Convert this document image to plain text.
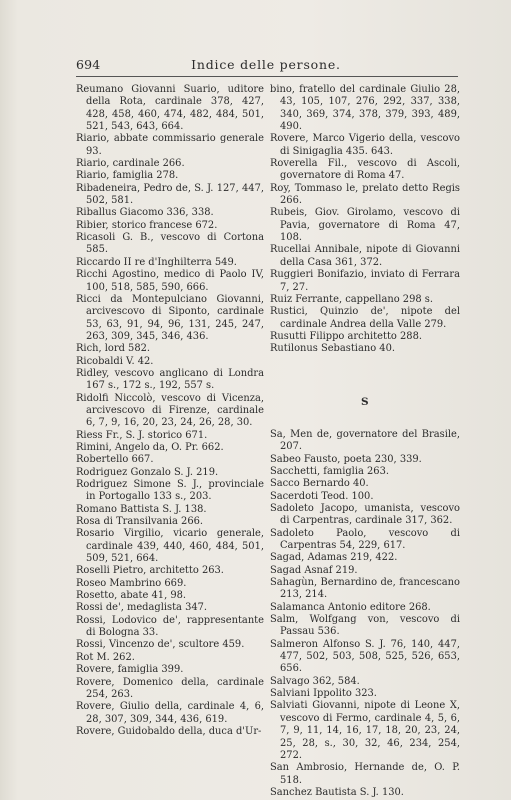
694	Indice delle persone.
Reumano Giovanni Suario, uditore della Rota, cardinale 378, 427, 428, 458, 460, 474, 482, 484, 501, 521, 543, 643, 664.
Riario, abbate commissario generale 93.
Riario, cardinale 266.
Riario, famiglia 278.
Ribadeneira, Pedro de, S. J. 127, 447, 502, 581.
Riballus Giacomo 336, 338.
Ribier, storico francese 672.
Ricasoli G. B., vescovo di Cortona 585.
Riccardo II re d'Inghilterra 549.
Ricchi Agostino, medico di Paolo IV, 100, 518, 585, 590, 666.
Ricci da Montepulciano Giovanni, arcivescovo di Siponto, cardinale 53, 63, 91, 94, 96, 131, 245, 247, 263, 309, 345, 346, 436.
Rich, lord 582.
Ricobaldi V. 42.
Ridley, vescovo anglicano di Londra 167 s., 172 s., 192, 557 s.
Ridolfi Niccolò, vescovo di Vicenza, arcivescovo di Firenze, cardinale 6, 7, 9, 16, 20, 23, 24, 26, 28, 30.
Riess Fr., S. J. storico 671.
Rimini, Angelo da, O. Pr. 662.
Robertello 667.
Rodriguez Gonzalo S. J. 219.
Rodriguez Simone S. J., provinciale in Portogallo 133 s., 203.
Romano Battista S. J. 138.
Rosa di Transilvania 266.
Rosario Virgilio, vicario generale, cardinale 439, 440, 460, 484, 501, 509, 521, 664.
Roselli Pietro, architetto 263.
Roseo Mambrino 669.
Rosetto, abate 41, 98.
Rossi de', medaglista 347.
Rossi, Lodovico de', rappresentante di Bologna 33.
Rossi, Vincenzo de', scultore 459.
Rot M. 262.
Rovere, famiglia 399.
Rovere, Domenico della, cardinale 254, 263.
Rovere, Giulio della, cardinale 4, 6, 28, 307, 309, 344, 436, 619.
Rovere, Guidobaldo della, duca d'Ur-
bino, fratello del cardinale Giulio 28, 43, 105, 107, 276, 292, 337, 338, 340, 369, 374, 378, 379, 393, 489, 490.
Rovere, Marco Vigerio della, vescovo di Sinigaglia 435. 643.
Roverella Fil., vescovo di Ascoli, governatore di Roma 47.
Roy, Tommaso le, prelato detto Regis 266.
Rubeis, Giov. Girolamo, vescovo di Pavia, governatore di Roma 47, 108.
Rucellai Annibale, nipote di Giovanni della Casa 361, 372.
Ruggieri Bonifazio, inviato di Ferrara 7, 27.
Ruiz Ferrante, cappellano 298 s.
Rustici, Quinzio de', nipote del cardinale Andrea della Valle 279.
Rusutti Filippo architetto 288.
Rutilonus Sebastiano 40.
S
Sa, Men de, governatore del Brasile, 207.
Sabeo Fausto, poeta 230, 339.
Sacchetti, famiglia 263.
Sacco Bernardo 40.
Sacerdoti Teod. 100.
Sadoleto Jacopo, umanista, vescovo di Carpentras, cardinale 317, 362.
Sadoleto Paolo, vescovo di Carpentras 54, 229, 617.
Sagad, Adamas 219, 422.
Sagad Asnaf 219.
Sahagùn, Bernardino de, francescano 213, 214.
Salamanca Antonio editore 268.
Salm, Wolfgang von, vescovo di Passau 536.
Salmeron Alfonso S. J. 76, 140, 447, 477, 502, 503, 508, 525, 526, 653, 656.
Salvago 362, 584.
Salviani Ippolito 323.
Salviati Giovanni, nipote di Leone X, vescovo di Fermo, cardinale 4, 5, 6, 7, 9, 11, 14, 16, 17, 18, 20, 23, 24, 25, 28, s., 30, 32, 46, 234, 254, 272.
San Ambrosio, Hernande de, O. P. 518.
Sanchez Bautista S. J. 130.
